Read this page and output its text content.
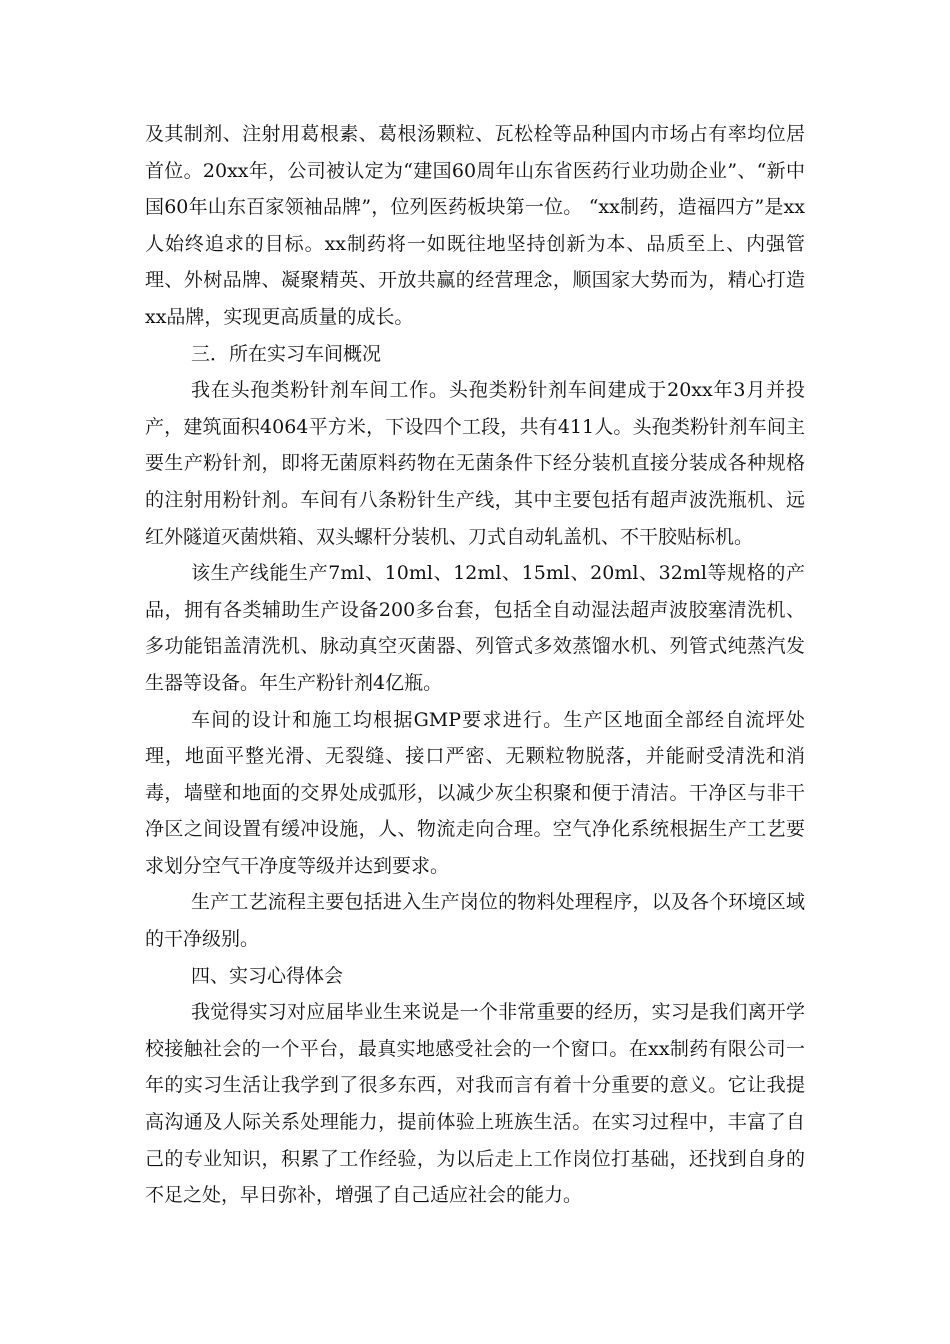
及其制剂、注射用葛根素、葛根汤颗粒、瓦松栓等品种国内市场占有率均位居首位。20xx年，公司被认定为“建国60周年山东省医药行业功勋企业”、“新中国60年山东百家领袖品牌”，位列医药板块第一位。 “xx制药，造福四方”是xx人始终追求的目标。xx制药将一如既往地坚持创新为本、品质至上、内强管理、外树品牌、凝聚精英、开放共赢的经营理念，顺国家大势而为，精心打造xx品牌，实现更高质量的成长。

三．所在实习车间概况

我在头孢类粉针剂车间工作。头孢类粉针剂车间建成于20xx年3月并投产，建筑面积4064平方米，下设四个工段，共有411人。头孢类粉针剂车间主要生产粉针剂，即将无菌原料药物在无菌条件下经分装机直接分装成各种规格的注射用粉针剂。车间有八条粉针生产线，其中主要包括有超声波洗瓶机、远红外隧道灭菌烘箱、双头螺杆分装机、刀式自动轧盖机、不干胶贴标机。

该生产线能生产7ml、10ml、12ml、15ml、20ml、32ml等规格的产品，拥有各类辅助生产设备200多台套，包括全自动湿法超声波胶塞清洗机、多功能铝盖清洗机、脉动真空灭菌器、列管式多效蒸馏水机、列管式纯蒸汽发生器等设备。年生产粉针剂4亿瓶。

车间的设计和施工均根据GMP要求进行。生产区地面全部经自流坪处理，地面平整光滑、无裂缝、接口严密、无颗粒物脱落，并能耐受清洗和消毒，墙壁和地面的交界处成弧形，以减少灰尘积聚和便于清洁。干净区与非干净区之间设置有缓冲设施，人、物流走向合理。空气净化系统根据生产工艺要求划分空气干净度等级并达到要求。

生产工艺流程主要包括进入生产岗位的物料处理程序，以及各个环境区域的干净级别。

四、实习心得体会

我觉得实习对应届毕业生来说是一个非常重要的经历，实习是我们离开学校接触社会的一个平台，最真实地感受社会的一个窗口。在xx制药有限公司一年的实习生活让我学到了很多东西，对我而言有着十分重要的意义。它让我提高沟通及人际关系处理能力，提前体验上班族生活。在实习过程中，丰富了自己的专业知识，积累了工作经验，为以后走上工作岗位打基础，还找到自身的不足之处，早日弥补，增强了自己适应社会的能力。
